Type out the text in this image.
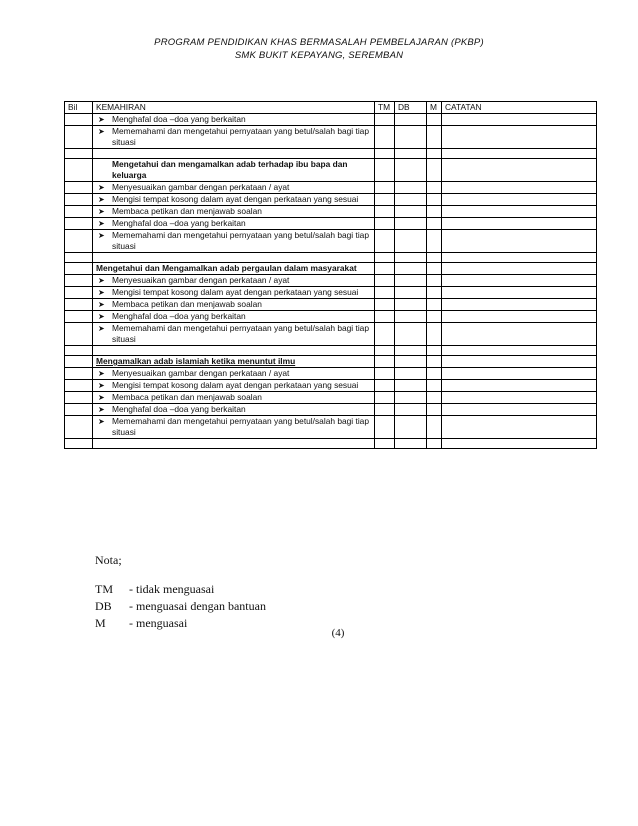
PROGRAM PENDIDIKAN KHAS BERMASALAH PEMBELAJARAN (PKBP)
SMK BUKIT KEPAYANG, SEREMBAN
Bil	KEMAHIRAN	TM	DB	M	CATATAN

	➤ Menghafal doa –doa yang berkaitan				

	➤ Mememahami dan mengetahui pernyataan yang betul/salah bagi tiap situasi				

	Mengetahui dan mengamalkan adab terhadap ibu bapa dan keluarga				

	➤ Menyesuaikan gambar dengan perkataan / ayat				

	➤ Mengisi tempat kosong dalam ayat dengan perkataan yang sesuai				

	➤ Membaca petikan dan menjawab soalan				

	➤ Menghafal doa –doa yang berkaitan				

	➤ Mememahami dan mengetahui pernyataan yang betul/salah bagi tiap situasi				

	Mengetahui dan Mengamalkan adab pergaulan dalam masyarakat				

	➤ Menyesuaikan gambar dengan perkataan / ayat				

	➤ Mengisi tempat kosong dalam ayat dengan perkataan yang sesuai				

	➤ Membaca petikan dan menjawab soalan				

	➤ Menghafal doa –doa yang berkaitan				

	➤ Mememahami dan mengetahui pernyataan yang betul/salah bagi tiap situasi				

	Mengamalkan adab islamiah ketika menuntut ilmu				

	➤ Menyesuaikan gambar dengan perkataan / ayat				

	➤ Mengisi tempat kosong dalam ayat dengan perkataan yang sesuai				

	➤ Membaca petikan dan menjawab soalan				

	➤ Menghafal doa –doa yang berkaitan				

	➤ Mememahami dan mengetahui pernyataan yang betul/salah bagi tiap situasi				

Nota;
TM	- tidak menguasai
DB	- menguasai dengan bantuan
M	- menguasai
(4)
